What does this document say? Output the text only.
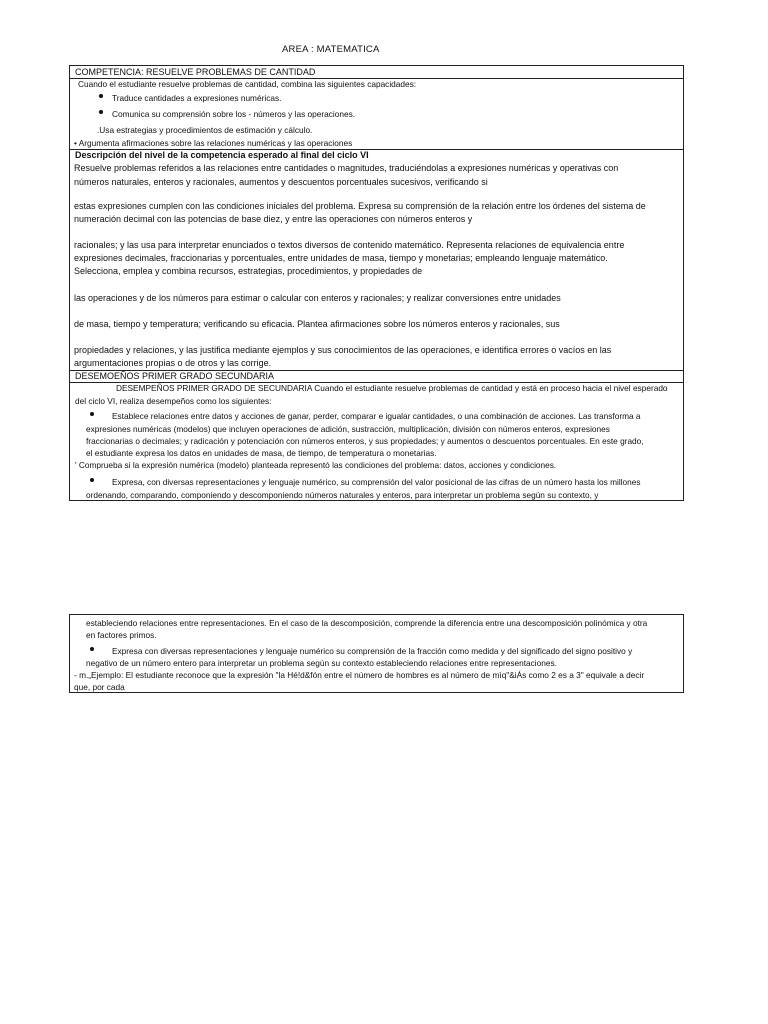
AREA : MATEMATICA
COMPETENCIA: RESUELVE PROBLEMAS DE CANTIDAD
Cuando el estudiante resuelve problemas de cantidad, combina las siguientes capacidades:
Traduce cantidades a expresiones numéricas.
Comunica su comprensión sobre los - números y las operaciones.
.Usa estrategias y procedimientos de estimación y cálculo.
• Argumenta afirmaciones sobre las relaciones numéricas y las operaciones
Descripción del nivel de la competencia esperado al final del ciclo VI
Resuelve problemas referidos a las relaciones entre cantidades o magnitudes, traduciéndolas a expresiones numéricas y operativas con
números naturales, enteros y racionales, aumentos y descuentos porcentuales sucesivos, verificando si
estas expresiones cumplen con las condiciones iniciales del problema. Expresa su comprensión de la relación entre los órdenes del sistema de
numeración decimal con las potencias de base diez, y entre las operaciones con números enteros y
racionales; y las usa para interpretar enunciados o textos diversos de contenido matemático. Representa relaciones de equivalencia entre
expresiones decimales, fraccionarias y porcentuales, entre unidades de masa, tiempo y monetarias; empleando lenguaje matemático.
Selecciona, emplea y combina recursos, estrategias, procedimientos, y propiedades de
las operaciones y de los números para estimar o calcular con enteros y racionales; y realizar conversiones entre unidades
de masa, tiempo y temperatura; verificando su eficacia. Plantea afirmaciones sobre los números enteros y racionales, sus
propiedades y relaciones, y las justifica mediante ejemplos y sus conocimientos de las operaciones, e identifica errores o vacíos en las
argumentaciones propias o de otros y las corrige.
DESEMOEÑOS PRIMER GRADO SECUNDARIA
DESEMPEÑOS PRIMER GRADO DE SECUNDARIA Cuando el estudiante resuelve problemas de cantidad y está en proceso hacia el nivel esperado
del ciclo VI, realiza desempeños como los siguientes:
Establece relaciones entre datos y acciones de ganar, perder, comparar e igualar cantidades, o una combinación de acciones. Las transforma a
expresiones numéricas (modelos) que incluyen operaciones de adición, sustracción, multiplicación, división con números enteros, expresiones
fraccionarias o decimales; y radicación y potenciación con números enteros, y sus propiedades; y aumentos o descuentos porcentuales. En este grado,
el estudiante expresa los datos en unidades de masa, de tiempo, de temperatura o monetarias.
' Comprueba si la expresión numérica (modelo) planteada representó las condiciones del problema: datos, acciones y condiciones.
Expresa, con diversas representaciones y lenguaje numérico, su comprensión del valor posicional de las cifras de un número hasta los millones
ordenando, comparando, componiendo y descomponiendo números naturales y enteros, para interpretar un problema según su contexto, y
estableciendo relaciones entre representaciones. En el caso de la descomposición, comprende la diferencia entre una descomposición polinómica y otra
en factores primos.
Expresa con diversas representaciones y lenguaje numérico su comprensión de la fracción como medida y del significado del signo positivo y
negativo de un número entero para interpretar un problema según su contexto estableciendo relaciones entre representaciones.
- m.„Ejemplo: El estudiante reconoce que la expresión "la Hé!d&fón entre el número de hombres es al número de mìq"&iÁs como 2 es a 3" equivale a decir
que, por cada
